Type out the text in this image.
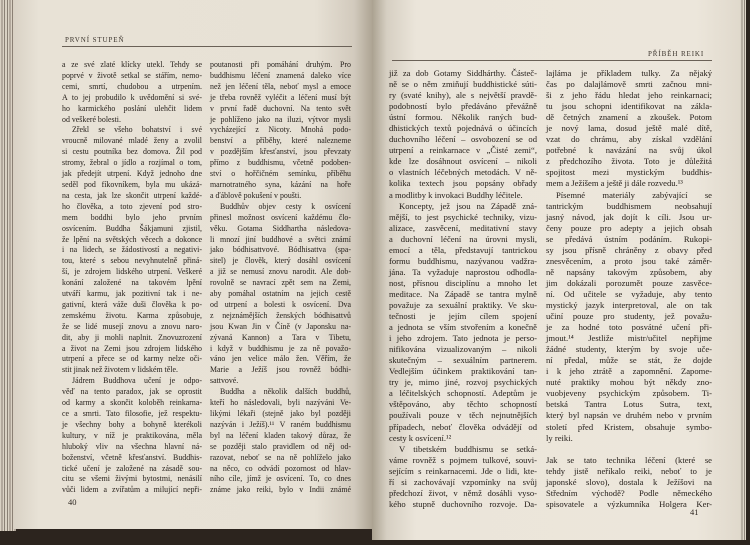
PRVNÍ STUPEŇ
a ze své zlaté klícky utekl. Tehdy se
poprvé v životě setkal se stářím, nemo-
cemi, smrtí, chudobou a utrpením.
A to jej probudilo k uvědomění si své-
ho karmického poslání ulehčit lidem
od veškeré bolesti.
Zřekl se všeho bohatství i své
vroucně milované mladé ženy a zvolil
si cestu poutníka bez domova. Žil pod
stromy, žebral o jídlo a rozjímal o tom,
jak předejít utrpení. Když jednoho dne
seděl pod fíkovníkem, byla mu ukázá-
na cesta, jak lze skončit utrpení každé-
ho člověka, a toto zjevení pod stro-
mem boddhi bylo jeho prvním
osvícením. Buddha Šákjamuni zjistil,
že lpění na světských věcech a dokonce
i na lidech, se žádostivostí a negativi-
tou, které s sebou nevyhnutelně přiná-
ší, je zdrojem lidského utrpení. Veškeré
konání založené na takovém lpění
utváří karmu, jak pozitivní tak i ne-
gativní, která váže duši člověka k po-
zemskému životu. Karma způsobuje,
že se lidé musejí znovu a znovu naro-
dit, aby ji mohli naplnit. Znovuzrození
a život na Zemi jsou zdrojem lidského
utrpení a přece se od karmy nelze oči-
stit jinak než životem v lidském těle.
Jádrem Buddhova učení je odpo-
věď na tento paradox, jak se oprostit
od karmy a skončit koloběh reinkarna-
ce a smrti. Tato filosofie, jež respektu-
je všechny bohy a bohyně kterékoli
kultury, v níž je praktikována, měla
hluboký vliv na všechna hlavní ná-
boženství, včetně křesťanství. Buddhis-
tické učení je založené na zásadě sou-
citu se všemi živými bytostmi, nenásilí
vůči lidem a zvířatům a milující nepři-
poutanosti při pomáhání druhým. Pro
buddhismu léčení znamená daleko více
než jen léčení těla, neboť mysl a emoce
je třeba rovněž vyléčit a léčení musí být
v první řadě duchovní. Na tento svět
je pohlíženo jako na iluzi, výtvor mysli
vycházející z Nicoty. Mnohá podo-
benství a příběhy, které nalezneme
v pozdějším křesťanství, jsou převzaty
přímo z buddhismu, včetně podoben-
ství o hořčičném semínku, příběhu
marnotratného syna, kázání na hoře
a ďáblově pokušení v poušti.
Buddhův objev cesty k osvícení
přinesl možnost osvícení každému člo-
věku. Gotama Siddhartha následova-
li mnozí jiní buddhové a světci známí
jako bódhisattvové. Bódhisattva (spa-
sitel) je člověk, který dosáhl osvícení
a již se nemusí znovu narodit. Ale dob-
rovolně se navrací zpět sem na Zemi,
aby pomáhal ostatním na jejich cestě
od utrpení a bolesti k osvícení. Dva
z nejznámějších ženských bódhisattvů
jsou Kwan Jin v Číně (v Japonsku na-
zývaná Kannon) a Tara v Tibetu,
i když v buddhismu je za ně považo-
váno jen velice málo žen. Věřím, že
Marie a Ježíš jsou rovněž bódhi-
sattvové.
Buddha a několik dalších buddhů,
kteří ho následovali, byli nazýváni Ve-
likými lékaři (stejně jako byl později
nazýván i Ježíš).¹¹ V raném buddhismu
byl na léčení kladen takový důraz, že
se později stalo pravidlem od něj od-
razovat, neboť se na ně pohlíželo jako
na něco, co odvádí pozornost od hlav-
ního cíle, jímž je osvícení. To, co dnes
známe jako reiki, bylo v Indii známé
40
PŘÍBĚH REIKI
již za dob Gotamy Siddhárthy. Částeč-
ně se o něm zmiňují buddhistické súti-
ry (svaté knihy), ale s největší pravdě-
podobností bylo předáváno převážně
ústní formou. Několik raných bud-
dhistických textů pojednává o účincích
duchovního léčení – osvobození se od
utrpení a reinkarnace v „Čisté zemi“,
kde lze dosáhnout osvícení – nikoli
o vlastních léčebných metodách. V ně-
kolika textech jsou popsány obřady
a modlitby k invokaci Buddhy léčitele.
Koncepty, jež jsou na Západě zná-
mější, to jest psychické techniky, vizu-
alizace, zasvěcení, meditativní stavy
a duchovní léčení na úrovni mysli,
emocí a těla, představují tantrickou
formu buddhismu, nazývanou vadžra-
jána. Ta vyžaduje naprostou odhodla-
nost, přísnou disciplínu a mnoho let
meditace. Na Západě se tantra mylně
považuje za sexuální praktiky. Ve sku-
tečnosti je jejím cílem spojení
a jednota se vším stvořením a konečně
i jeho zdrojem. Tato jednota je perso-
nifikována vizualizovaným – nikoli
skutečným – sexuálním partnerem.
Vedlejším účinkem praktikování tan-
try je, mimo jiné, rozvoj psychických
a léčitelských schopností. Adeptům je
vštěpováno, aby těchto schopností
používali pouze v těch nejnutnějších
případech, neboť člověka odvádějí od
cesty k osvícení.¹²
V tibetském buddhismu se setká-
váme rovněž s pojmem tulkové, souvi-
sejícím s reinkarnacemi. Jde o lidi, kte-
ří si zachovávají vzpomínky na svůj
předchozí život, v němž dosáhli vyso-
kého stupně duchovního rozvoje. Da-
lajláma je příkladem tulky. Za nějaký
čas po dalajlámově smrti začnou mni-
ši z jeho řádu hledat jeho reinkarnaci;
tu jsou schopni identifikovat na zákla-
dě četných znamení a zkoušek. Potom
je nový lama, dosud ještě malé dítě,
vzat do chrámu, aby získal vzdělání
potřebné k navázání na svůj úkol
z předchozího života. Toto je důležitá
spojitost mezi mystickým buddhis-
mem a Ježíšem a ještě ji dále rozvedu.¹³
Písemné materiály zabývající se
tantrickým buddhismem neobsahují
jasný návod, jak dojít k cíli. Jsou ur-
čeny pouze pro adepty a jejich obsah
se předává ústním podáním. Rukopi-
sy jsou přísně chráněny z obavy před
znesvěcením, a proto jsou také záměr-
ně napsány takovým způsobem, aby
jim dokázali porozumět pouze zasvěce-
ní. Od učitele se vyžaduje, aby tento
mystický jazyk interpretoval, ale on tak
učiní pouze pro studenty, jež považu-
je za hodné toto posvátné učení při-
jmout.¹⁴ Jestliže mistr/učitel nepřijme
žádné studenty, kterým by svoje uče-
ní předal, může se stát, že dojde
i k jeho ztrátě a zapomnění. Zapome-
nuté praktiky mohou být někdy zno-
vuobjeveny psychickým způsobem. Ti-
betská Tantra Lotus Sutra, text,
který byl napsán ve druhém nebo v prvním
století před Kristem, obsahuje symbo-
ly reiki.
Jak se tato technika léčení (které se
tehdy jistě neříkalo reiki, neboť to je
japonské slovo), dostala k Ježíšovi na
Středním východě? Podle německého
spisovatele a výzkumníka Holgera Ker-
41
